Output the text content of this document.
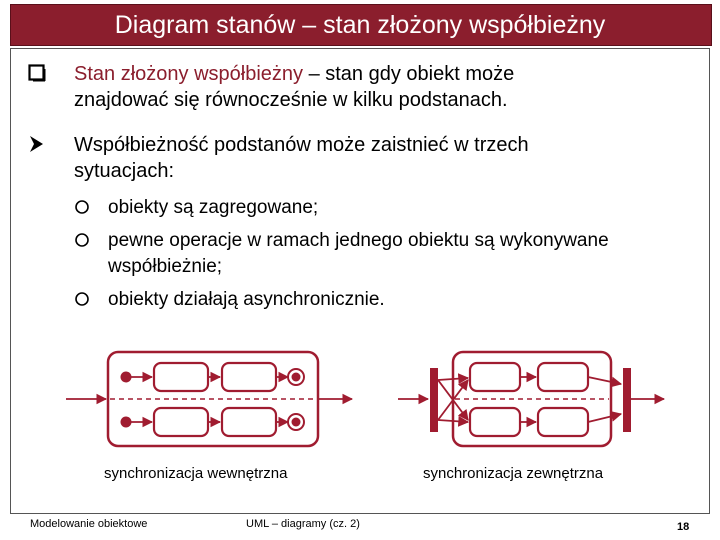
Diagram stanów – stan złożony współbieżny
Stan złożony współbieżny – stan gdy obiekt może
znajdować się równocześnie w kilku podstanach.
Współbieżność podstanów może zaistnieć w trzech
sytuacjach:
obiekty są zagregowane;
pewne operacje w ramach jednego obiektu są wykonywane
współbieżnie;
obiekty działają asynchronicznie.
synchronizacja wewnętrzna	synchronizacja zewnętrzna
Modelowanie obiektowe	UML – diagramy (cz. 2)	18
